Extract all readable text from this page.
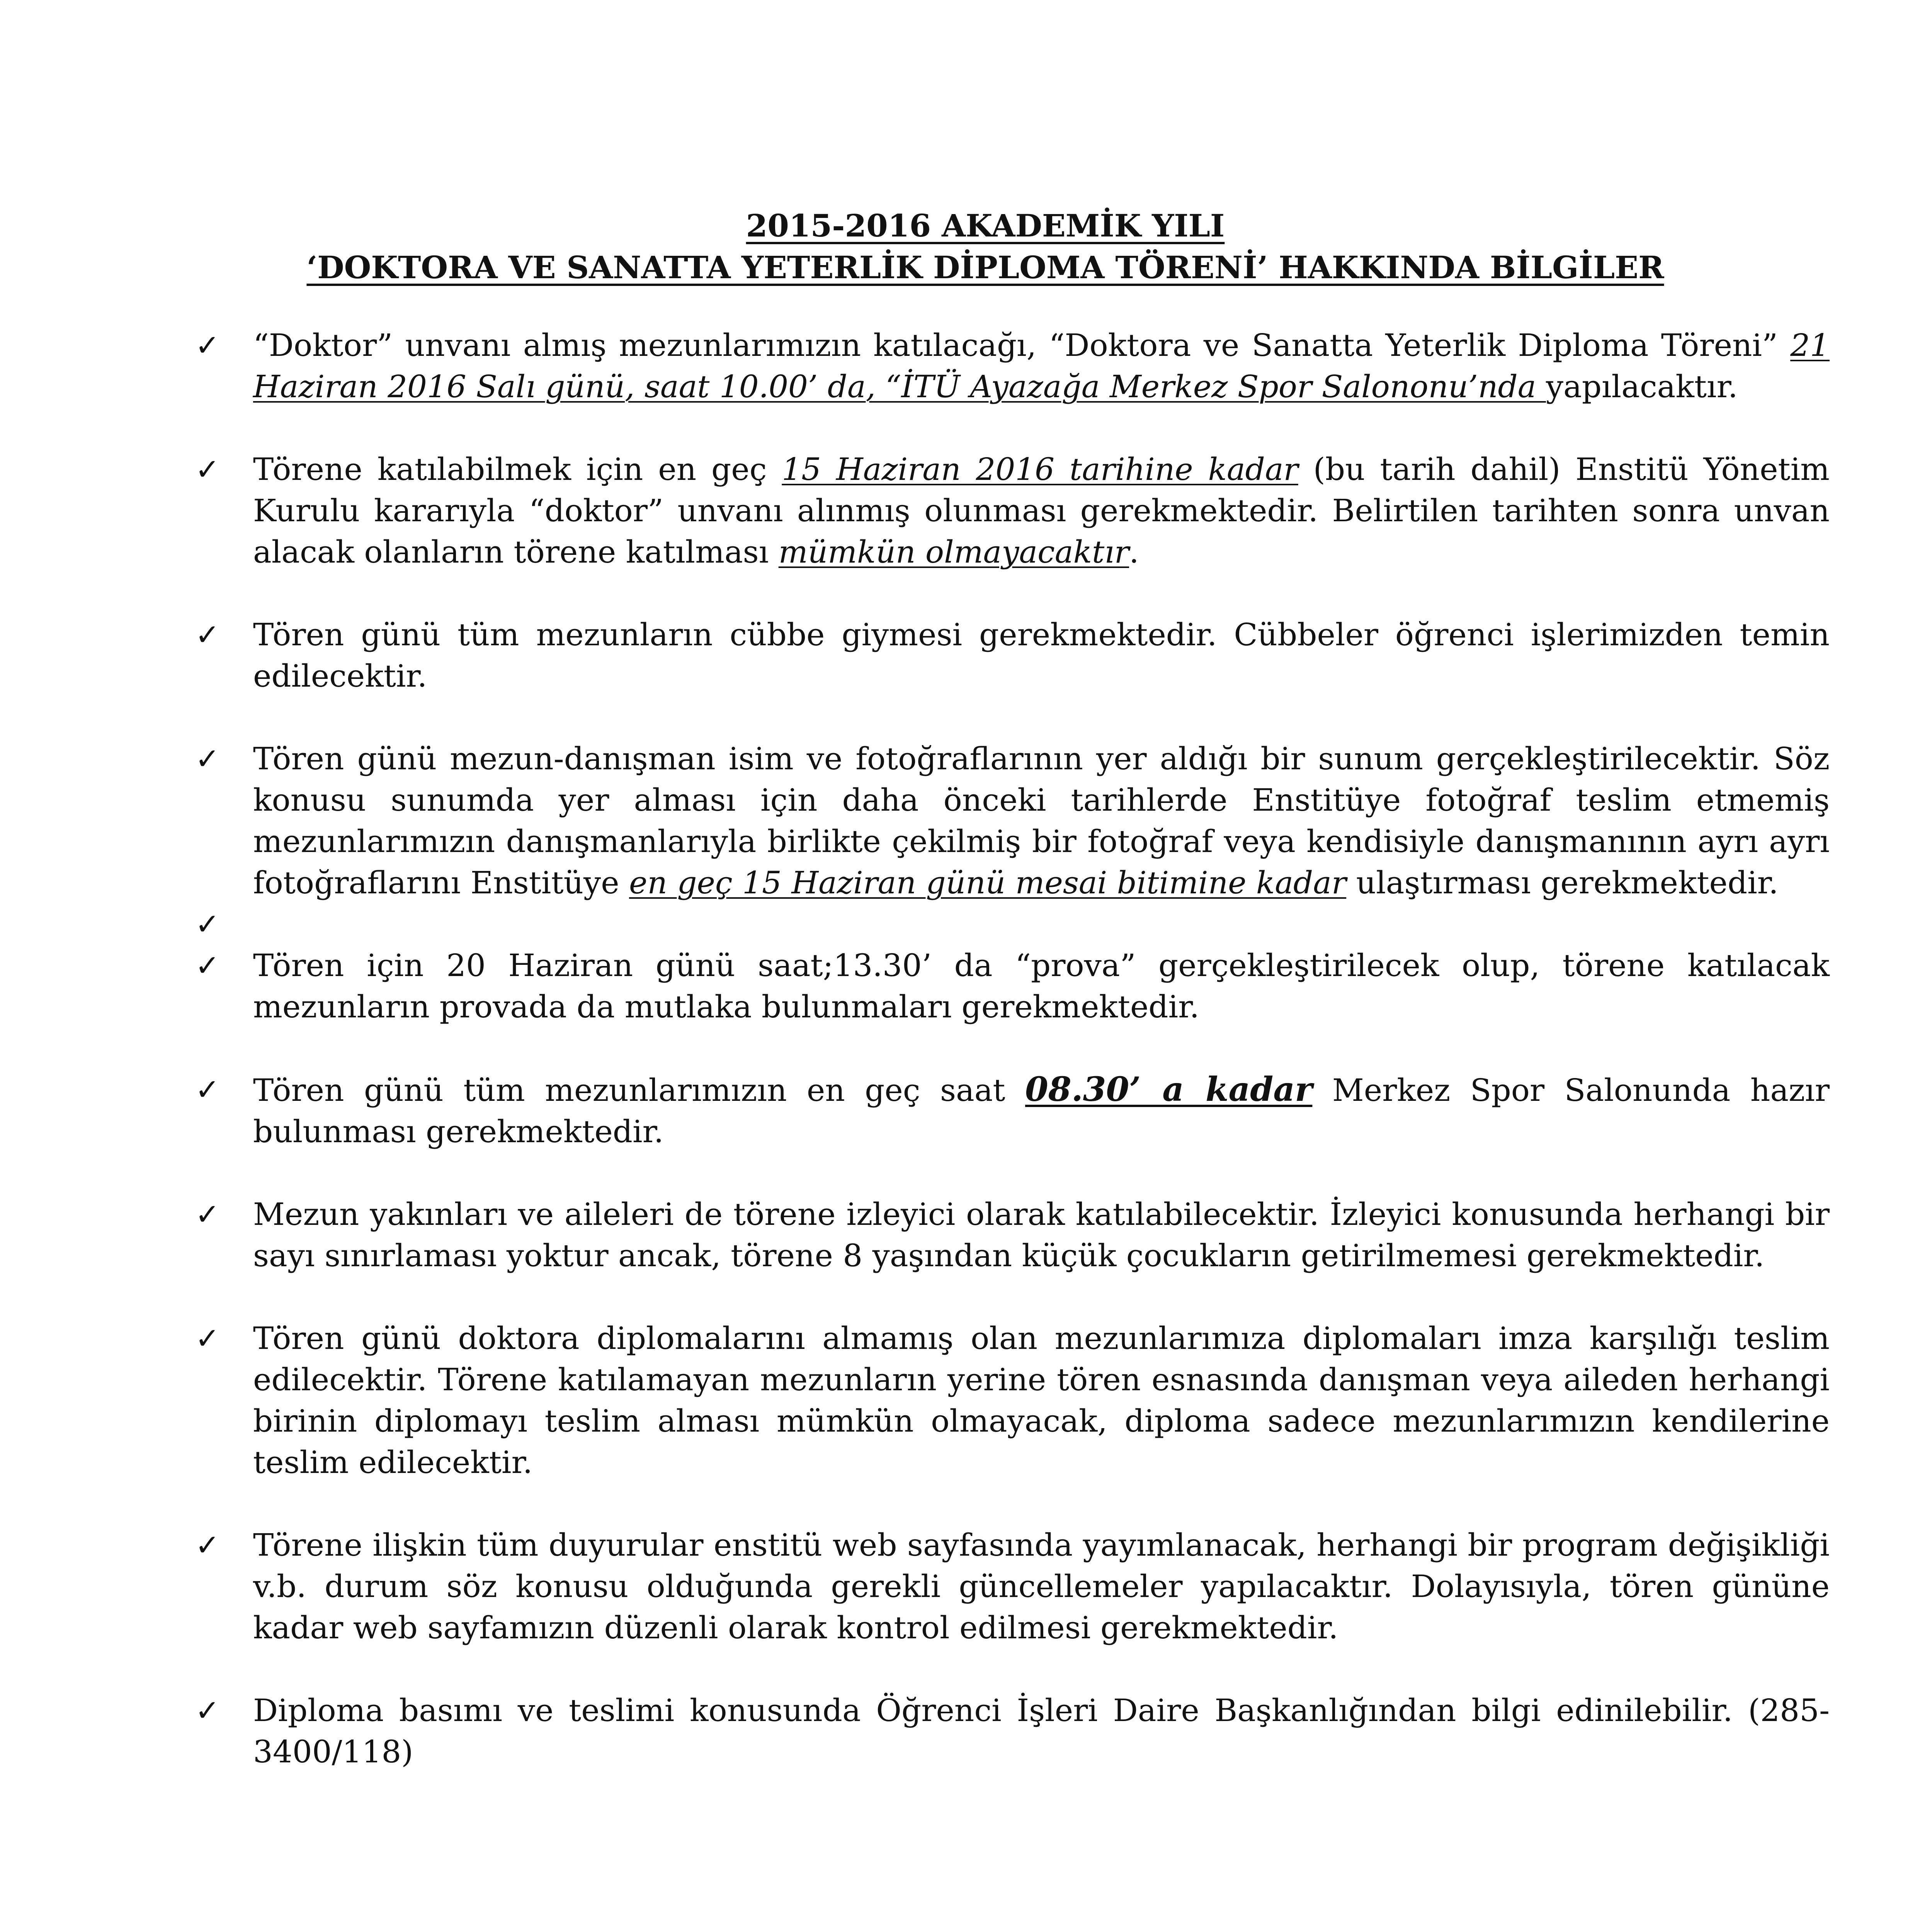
2015-2016 AKADEMİK YILI
‘DOKTORA VE SANATTA YETERLİK DİPLOMA TÖRENİ’ HAKKINDA BİLGİLER
✓ “Doktor” unvanı almış mezunlarımızın katılacağı, “Doktora ve Sanatta Yeterlik Diploma Töreni” 21 Haziran 2016 Salı günü, saat 10.00’ da, “İTÜ Ayazağa Merkez Spor Salononu’nda yapılacaktır.
✓ Törene katılabilmek için en geç 15 Haziran 2016 tarihine kadar (bu tarih dahil) Enstitü Yönetim Kurulu kararıyla “doktor” unvanı alınmış olunması gerekmektedir. Belirtilen tarihten sonra unvan alacak olanların törene katılması mümkün olmayacaktır.
✓ Tören günü tüm mezunların cübbe giymesi gerekmektedir. Cübbeler öğrenci işlerimizden temin edilecektir.
✓ Tören günü mezun-danışman isim ve fotoğraflarının yer aldığı bir sunum gerçekleştirilecektir. Söz konusu sunumda yer alması için daha önceki tarihlerde Enstitüye fotoğraf teslim etmemiş mezunlarımızın danışmanlarıyla birlikte çekilmiş bir fotoğraf veya kendisiyle danışmanının ayrı ayrı fotoğraflarını Enstitüye en geç 15 Haziran günü mesai bitimine kadar ulaştırması gerekmektedir.
✓
✓ Tören için 20 Haziran günü saat;13.30’ da “prova” gerçekleştirilecek olup, törene katılacak mezunların provada da mutlaka bulunmaları gerekmektedir.
✓ Tören günü tüm mezunlarımızın en geç saat 08.30’ a kadar Merkez Spor Salonunda hazır bulunması gerekmektedir.
✓ Mezun yakınları ve aileleri de törene izleyici olarak katılabilecektir. İzleyici konusunda herhangi bir sayı sınırlaması yoktur ancak, törene 8 yaşından küçük çocukların getirilmemesi gerekmektedir.
✓ Tören günü doktora diplomalarını almamış olan mezunlarımıza diplomaları imza karşılığı teslim edilecektir. Törene katılamayan mezunların yerine tören esnasında danışman veya aileden herhangi birinin diplomayı teslim alması mümkün olmayacak, diploma sadece mezunlarımızın kendilerine teslim edilecektir.
✓ Törene ilişkin tüm duyurular enstitü web sayfasında yayımlanacak, herhangi bir program değişikliği v.b. durum söz konusu olduğunda gerekli güncellemeler yapılacaktır. Dolayısıyla, tören gününe kadar web sayfamızın düzenli olarak kontrol edilmesi gerekmektedir.
✓ Diploma basımı ve teslimi konusunda Öğrenci İşleri Daire Başkanlığından bilgi edinilebilir. (285-3400/118)
